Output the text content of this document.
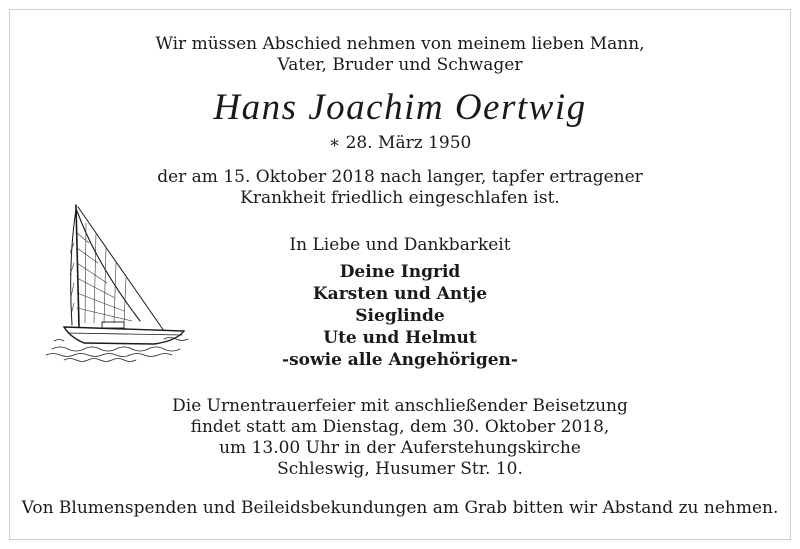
Wir müssen Abschied nehmen von meinem lieben Mann,
Vater, Bruder und Schwager
Hans Joachim Oertwig
∗ 28. März 1950
der am 15. Oktober 2018 nach langer, tapfer ertragener
Krankheit friedlich eingeschlafen ist.
In Liebe und Dankbarkeit
Deine Ingrid
Karsten und Antje
Sieglinde
Ute und Helmut
-sowie alle Angehörigen-
Die Urnentrauerfeier mit anschließender Beisetzung
findet statt am Dienstag, dem 30. Oktober 2018,
um 13.00 Uhr in der Auferstehungskirche
Schleswig, Husumer Str. 10.
Von Blumenspenden und Beileidsbekundungen am Grab bitten wir Abstand zu nehmen.
